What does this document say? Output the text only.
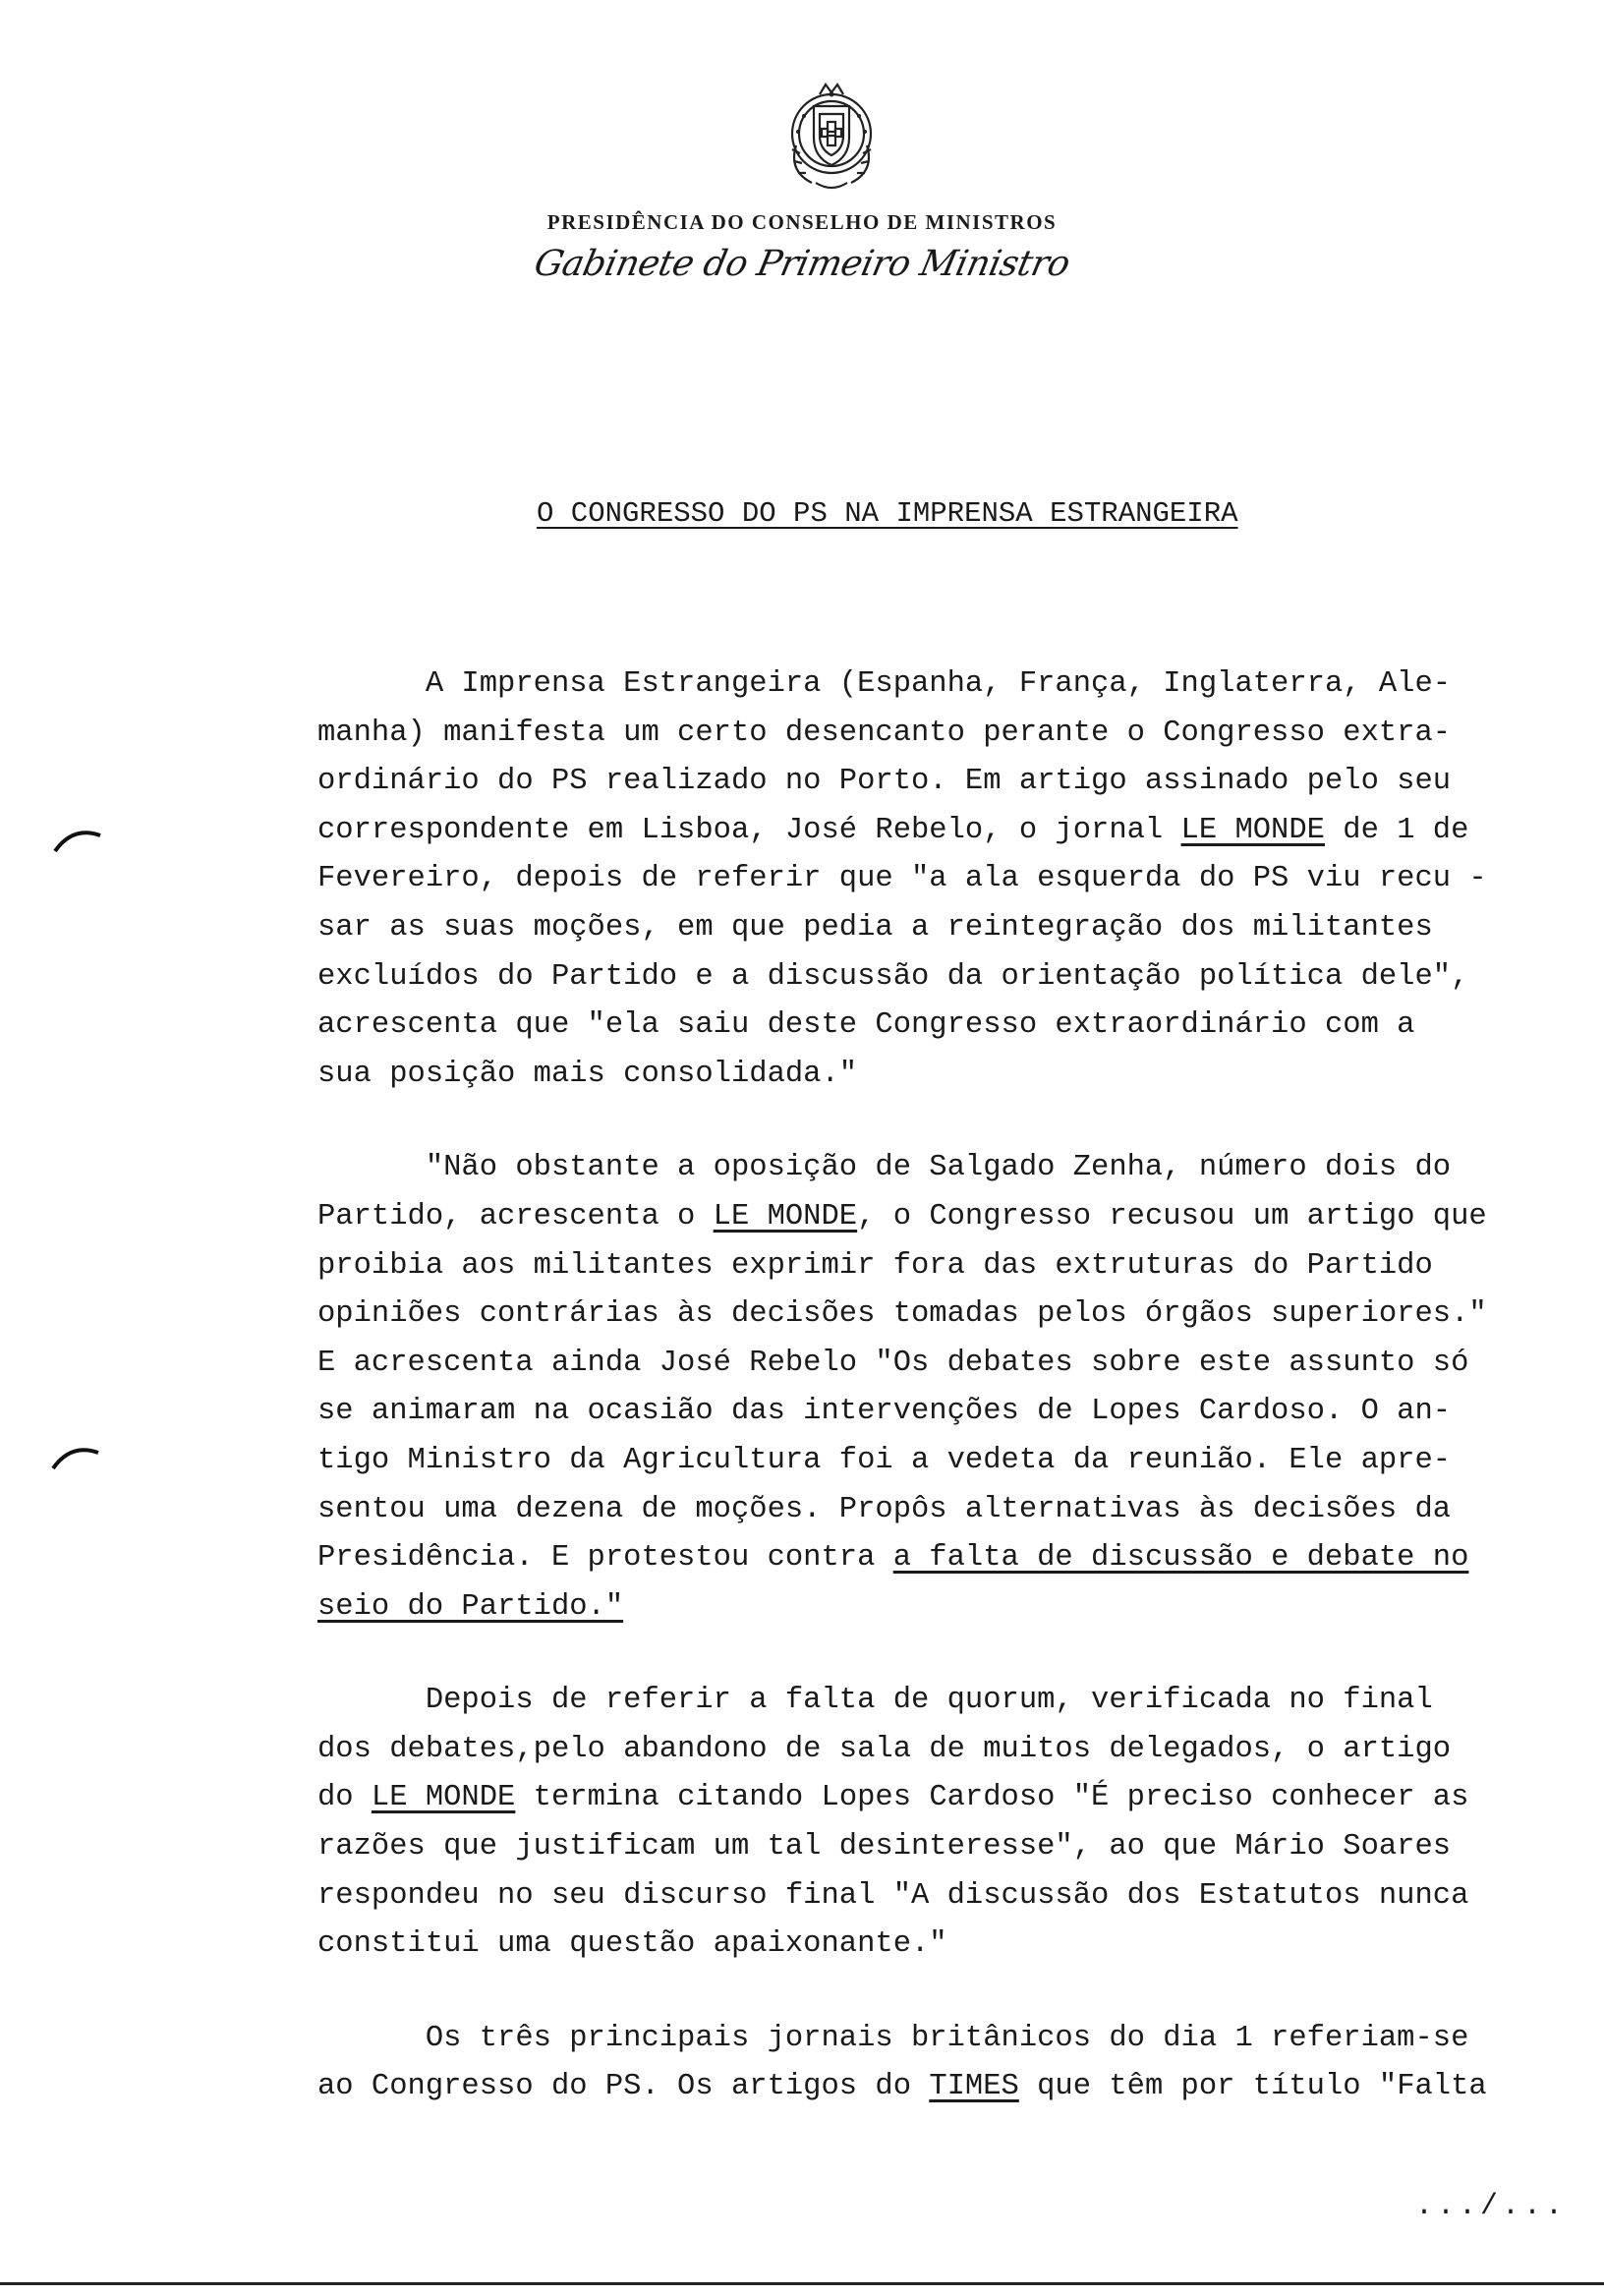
PRESIDÊNCIA DO CONSELHO DE MINISTROS
Gabinete do Primeiro Ministro
O CONGRESSO DO PS NA IMPRENSA ESTRANGEIRA

A Imprensa Estrangeira (Espanha, França, Inglaterra, Ale-
manha) manifesta um certo desencanto perante o Congresso extra-
ordinário do PS realizado no Porto. Em artigo assinado pelo seu
correspondente em Lisboa, José Rebelo, o jornal LE MONDE de 1 de
Fevereiro, depois de referir que "a ala esquerda do PS viu recu -
sar as suas moções, em que pedia a reintegração dos militantes
excluídos do Partido e a discussão da orientação política dele",
acrescenta que "ela saiu deste Congresso extraordinário com a
sua posição mais consolidada."

"Não obstante a oposição de Salgado Zenha, número dois do
Partido, acrescenta o LE MONDE, o Congresso recusou um artigo que
proibia aos militantes exprimir fora das extruturas do Partido
opiniões contrárias às decisões tomadas pelos órgãos superiores."
E acrescenta ainda José Rebelo "Os debates sobre este assunto só
se animaram na ocasião das intervenções de Lopes Cardoso. O an-
tigo Ministro da Agricultura foi a vedeta da reunião. Ele apre-
sentou uma dezena de moções. Propôs alternativas às decisões da
Presidência. E protestou contra a falta de discussão e debate no
seio do Partido."

Depois de referir a falta de quorum, verificada no final
dos debates,pelo abandono de sala de muitos delegados, o artigo
do LE MONDE termina citando Lopes Cardoso "É preciso conhecer as
razões que justificam um tal desinteresse", ao que Mário Soares
respondeu no seu discurso final "A discussão dos Estatutos nunca
constitui uma questão apaixonante."

Os três principais jornais britânicos do dia 1 referiam-se
ao Congresso do PS. Os artigos do TIMES que têm por título "Falta

.../...
